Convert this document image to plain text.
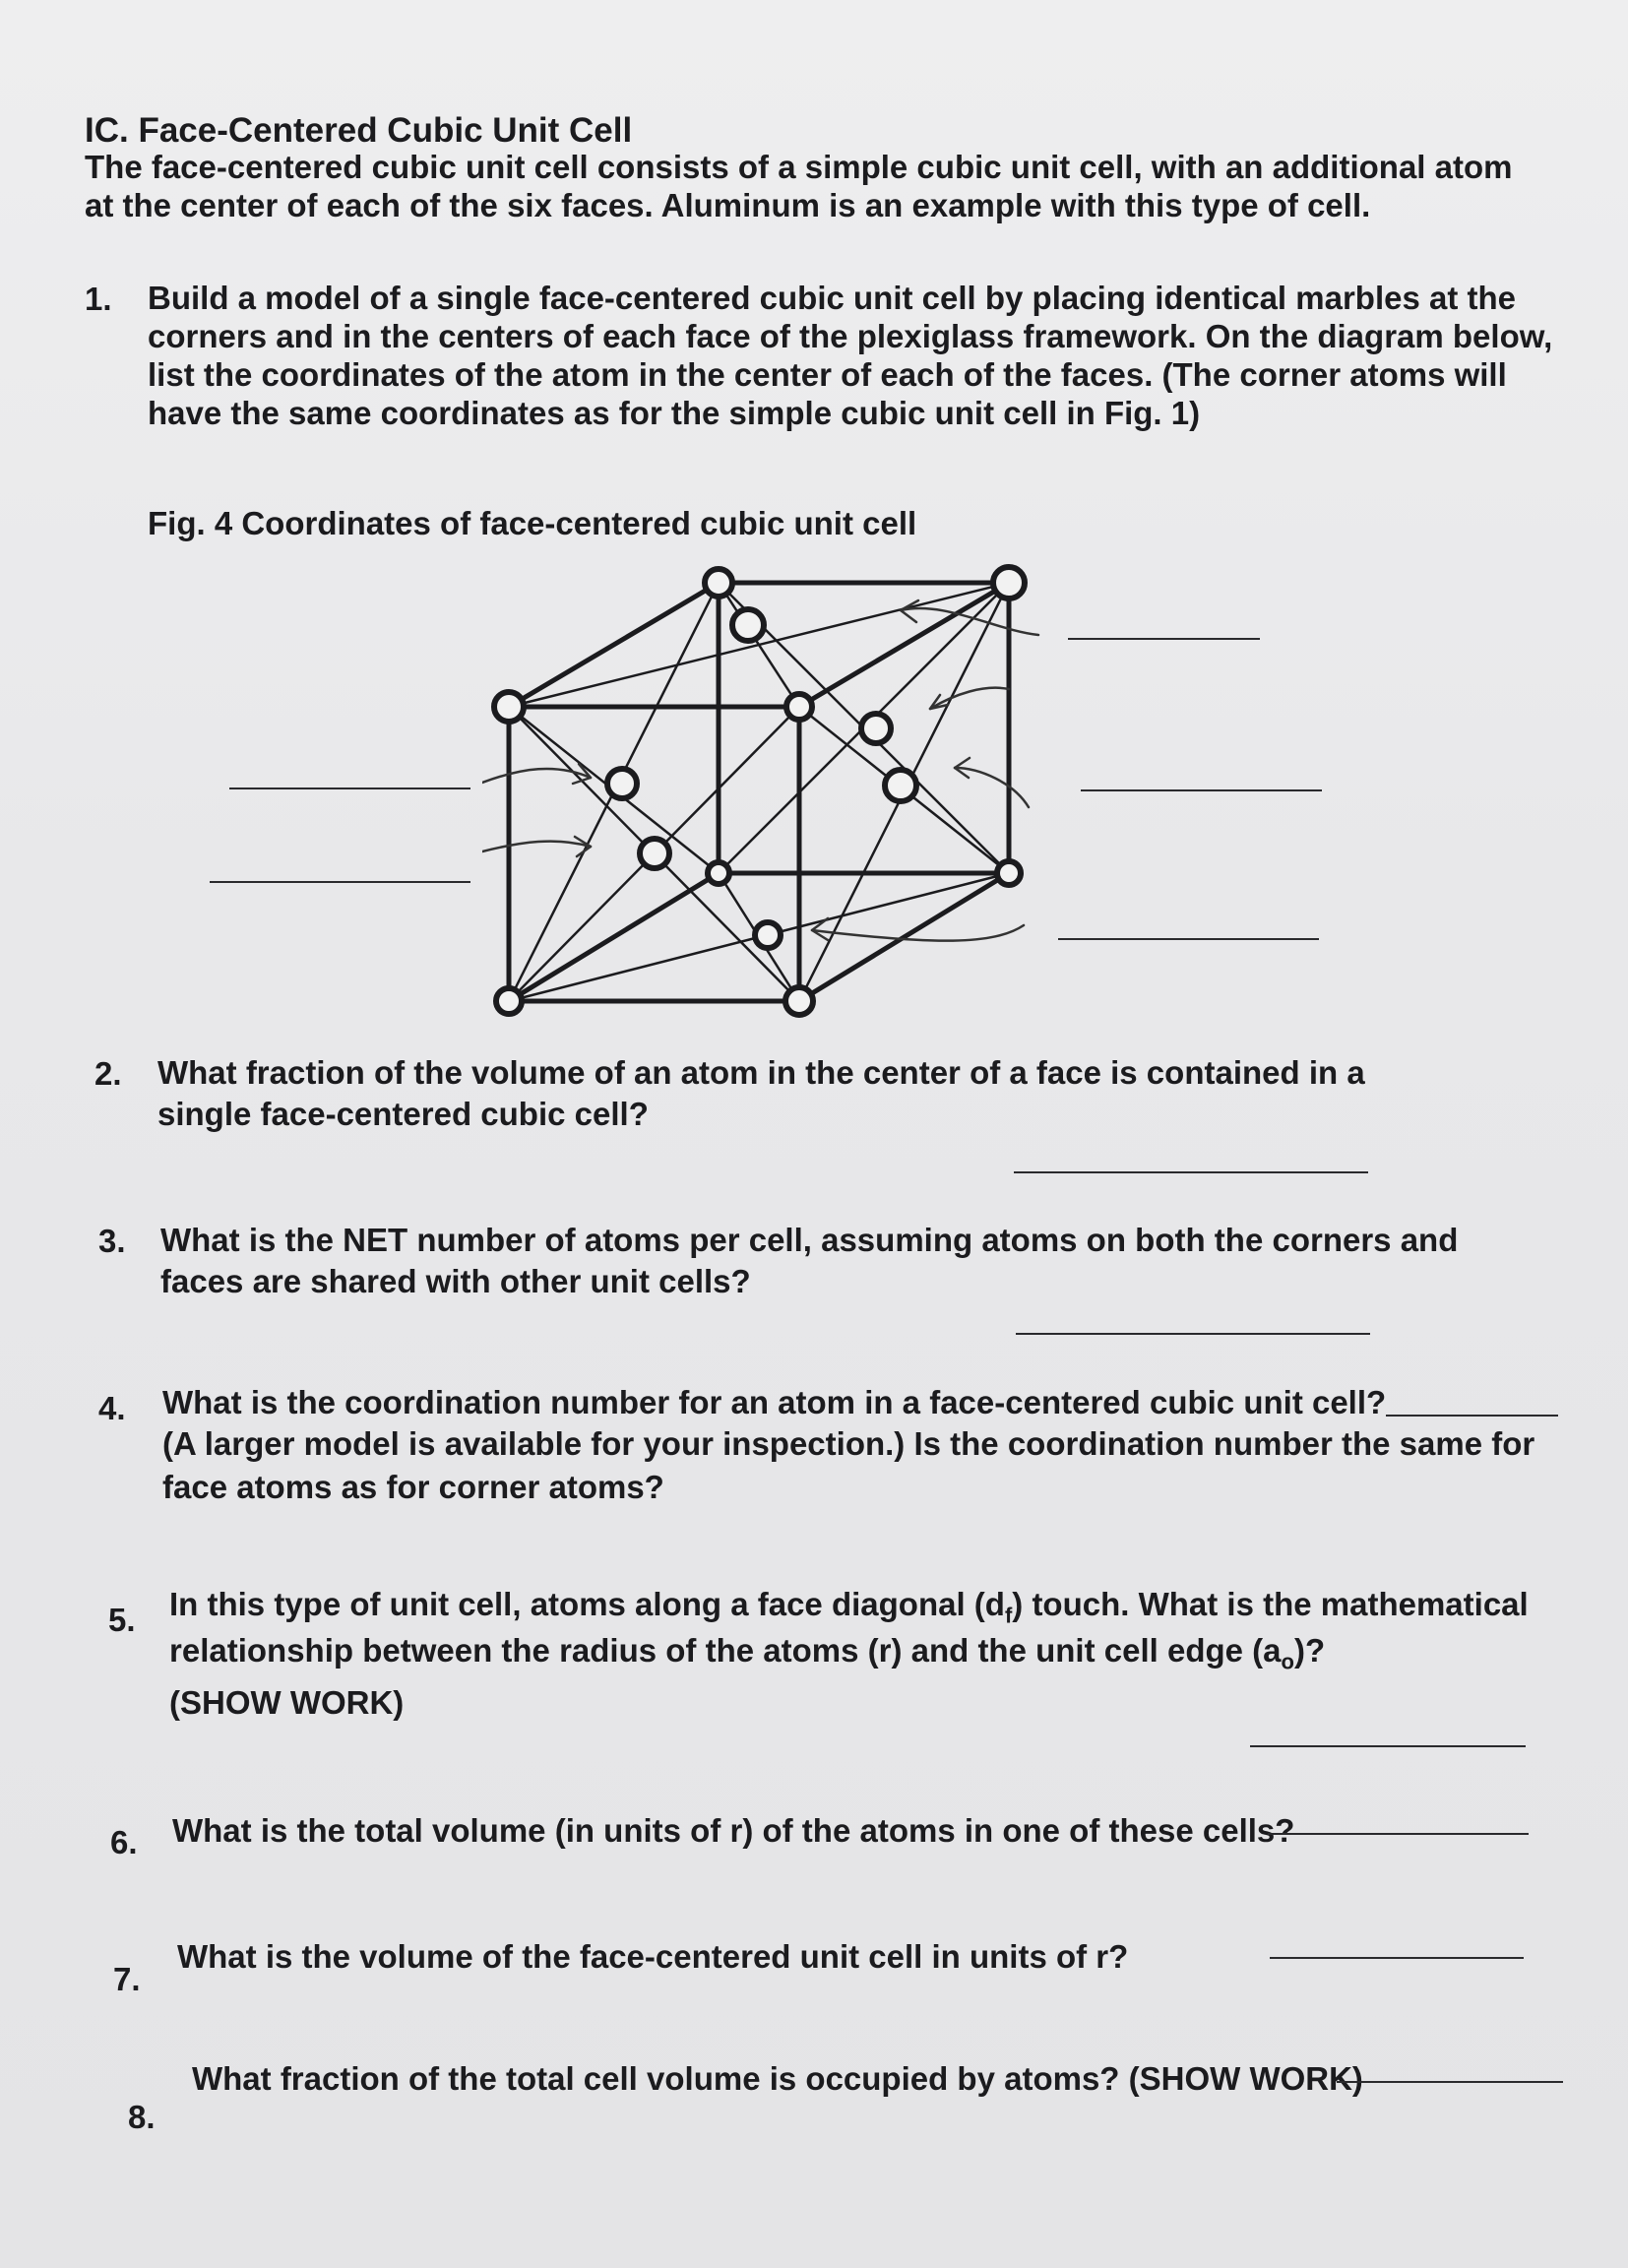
IC. Face-Centered Cubic Unit Cell
The face-centered cubic unit cell consists of a simple cubic unit cell, with an additional atom
at the center of each of the six faces. Aluminum is an example with this type of cell.
1. Build a model of a single face-centered cubic unit cell by placing identical marbles at the
corners and in the centers of each face of the plexiglass framework. On the diagram below,
list the coordinates of the atom in the center of each of the faces. (The corner atoms will
have the same coordinates as for the simple cubic unit cell in Fig. 1)
Fig. 4 Coordinates of face-centered cubic unit cell
2. What fraction of the volume of an atom in the center of a face is contained in a
single face-centered cubic cell?
3. What is the NET number of atoms per cell, assuming atoms on both the corners and
faces are shared with other unit cells?
4. What is the coordination number for an atom in a face-centered cubic unit cell?
(A larger model is available for your inspection.) Is the coordination number the same for
face atoms as for corner atoms?
5. In this type of unit cell, atoms along a face diagonal $(d_f)$ touch. What is the mathematical
relationship between the radius of the atoms (r) and the unit cell edge $(a_o)$?
(SHOW WORK)
6. What is the total volume (in units of r) of the atoms in one of these cells?
7.
What is the volume of the face-centered unit cell in units of r?
8.
What fraction of the total cell volume is occupied by atoms? (SHOW WORK)
